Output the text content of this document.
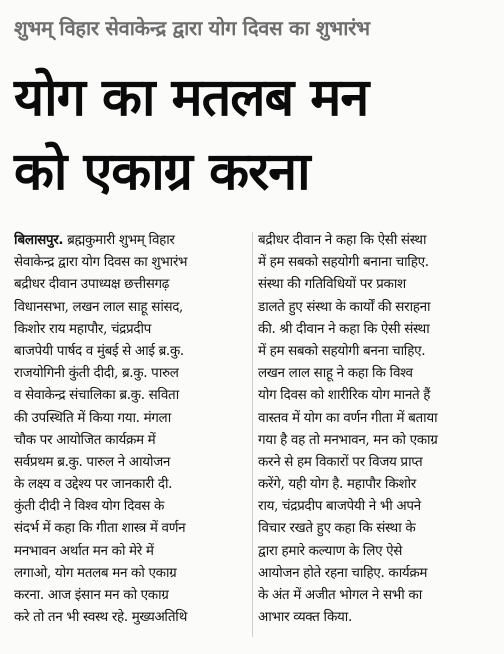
शुभम् विहार सेवाकेन्द्र द्वारा योग दिवस का शुभारंभ
योग का मतलब मन
को एकाग्र करना
बिलासपुर. ब्रह्मकुमारी शुभम् विहार
सेवाकेन्द्र द्वारा योग दिवस का शुभारंभ
बद्रीधर दीवान उपाध्यक्ष छत्तीसगढ़
विधानसभा, लखन लाल साहू सांसद,
किशोर राय महापौर, चंद्रप्रदीप
बाजपेयी पार्षद व मुंबई से आई ब्र.कु.
राजयोगिनी कुंती दीदी, ब्र.कु. पारुल
व सेवाकेन्द्र संचालिका ब्र.कु. सविता
की उपस्थिति में किया गया. मंगला
चौक पर आयोजित कार्यक्रम में
सर्वप्रथम ब्र.कु. पारुल ने आयोजन
के लक्ष्य व उद्देश्य पर जानकारी दी.
कुंती दीदी ने विश्व योग दिवस के
संदर्भ में कहा कि गीता शास्त्र में वर्णन
मनभावन अर्थात मन को मेरे में
लगाओ, योग मतलब मन को एकाग्र
करना. आज इंसान मन को एकाग्र
करे तो तन भी स्वस्थ रहे. मुख्यअतिथि
बद्रीधर दीवान ने कहा कि ऐसी संस्था
में हम सबको सहयोगी बनाना चाहिए.
संस्था की गतिविधियों पर प्रकाश
डालते हुए संस्था के कार्यों की सराहना
की. श्री दीवान ने कहा कि ऐसी संस्था
में हम सबको सहयोगी बनना चाहिए.
लखन लाल साहू ने कहा कि विश्व
योग दिवस को शारीरिक योग मानते हैं
वास्तव में योग का वर्णन गीता में बताया
गया है वह तो मनभावन, मन को एकाग्र
करने से हम विकारों पर विजय प्राप्त
करेंगे, यही योग है. महापौर किशोर
राय, चंद्रप्रदीप बाजपेयी ने भी अपने
विचार रखते हुए कहा कि संस्था के
द्वारा हमारे कल्याण के लिए ऐसे
आयोजन होते रहना चाहिए. कार्यक्रम
के अंत में अजीत भोगल ने सभी का
आभार व्यक्त किया.
